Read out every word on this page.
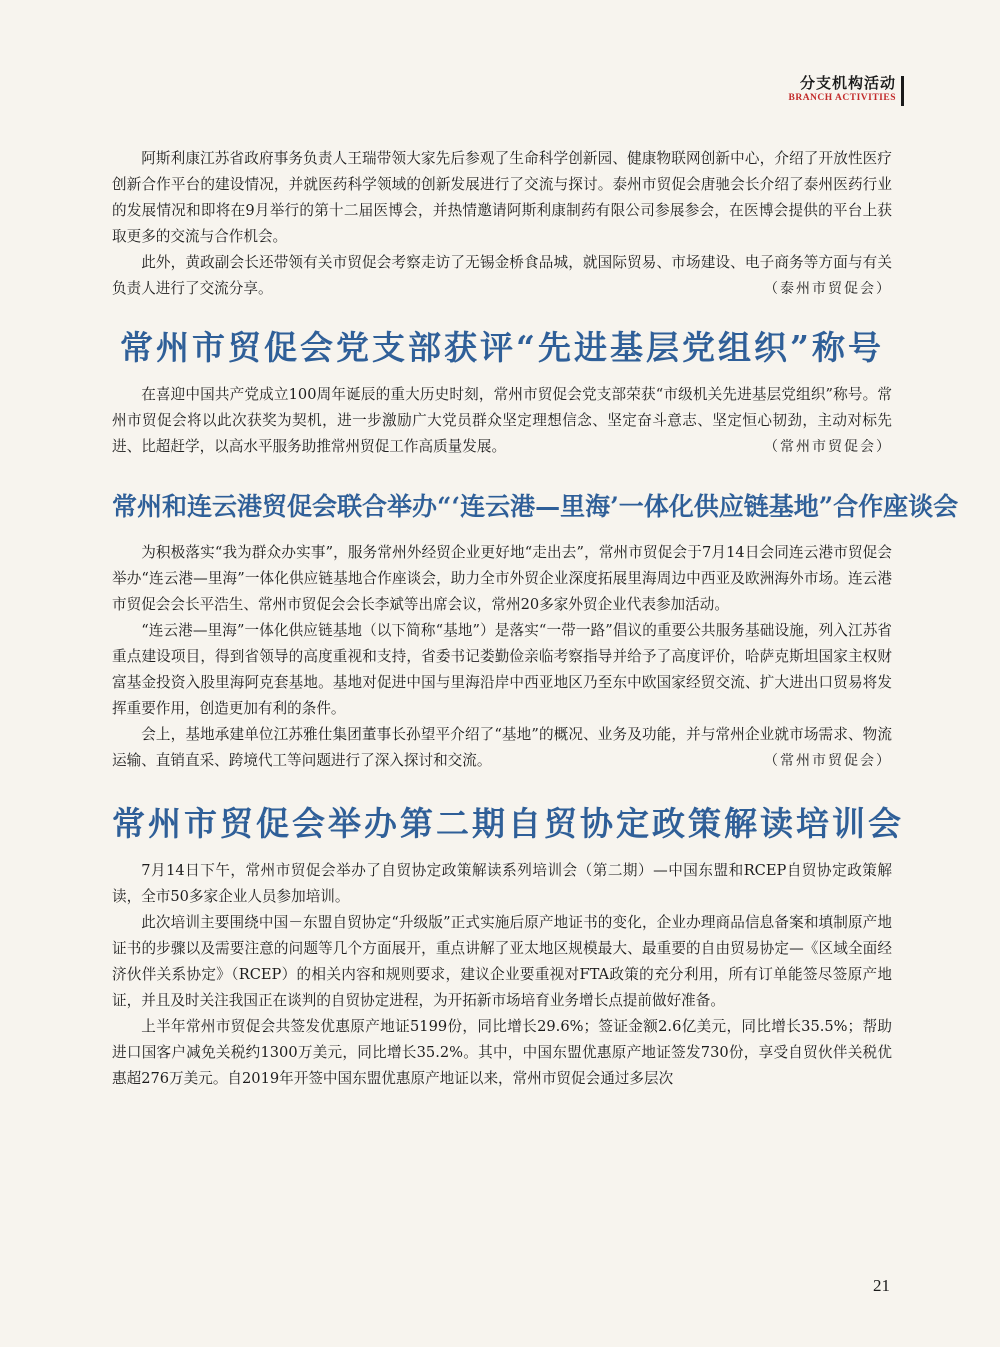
分支机构活动
BRANCH ACTIVITIES

阿斯利康江苏省政府事务负责人王瑞带领大家先后参观了生命科学创新园、健康物联网创新中心，介绍了开放性医疗创新合作平台的建设情况，并就医药科学领域的创新发展进行了交流与探讨。泰州市贸促会唐驰会长介绍了泰州医药行业的发展情况和即将在9月举行的第十二届医博会，并热情邀请阿斯利康制药有限公司参展参会，在医博会提供的平台上获取更多的交流与合作机会。

此外，黄政副会长还带领有关市贸促会考察走访了无锡金桥食品城，就国际贸易、市场建设、电子商务等方面与有关负责人进行了交流分享。	（泰州市贸促会）

常州市贸促会党支部获评“先进基层党组织”称号

在喜迎中国共产党成立100周年诞辰的重大历史时刻，常州市贸促会党支部荣获“市级机关先进基层党组织”称号。常州市贸促会将以此次获奖为契机，进一步激励广大党员群众坚定理想信念、坚定奋斗意志、坚定恒心韧劲，主动对标先进、比超赶学，以高水平服务助推常州贸促工作高质量发展。	（常州市贸促会）

常州和连云港贸促会联合举办“‘连云港—里海’一体化供应链基地”合作座谈会

为积极落实“我为群众办实事”，服务常州外经贸企业更好地“走出去”，常州市贸促会于7月14日会同连云港市贸促会举办“连云港—里海”一体化供应链基地合作座谈会，助力全市外贸企业深度拓展里海周边中西亚及欧洲海外市场。连云港市贸促会会长平浩生、常州市贸促会会长李斌等出席会议，常州20多家外贸企业代表参加活动。

“连云港—里海”一体化供应链基地（以下简称“基地”）是落实“一带一路”倡议的重要公共服务基础设施，列入江苏省重点建设项目，得到省领导的高度重视和支持，省委书记娄勤俭亲临考察指导并给予了高度评价，哈萨克斯坦国家主权财富基金投资入股里海阿克套基地。基地对促进中国与里海沿岸中西亚地区乃至东中欧国家经贸交流、扩大进出口贸易将发挥重要作用，创造更加有利的条件。

会上，基地承建单位江苏雅仕集团董事长孙望平介绍了“基地”的概况、业务及功能，并与常州企业就市场需求、物流运输、直销直采、跨境代工等问题进行了深入探讨和交流。	（常州市贸促会）

常州市贸促会举办第二期自贸协定政策解读培训会

7月14日下午，常州市贸促会举办了自贸协定政策解读系列培训会（第二期）—中国东盟和RCEP自贸协定政策解读，全市50多家企业人员参加培训。

此次培训主要围绕中国－东盟自贸协定“升级版”正式实施后原产地证书的变化，企业办理商品信息备案和填制原产地证书的步骤以及需要注意的问题等几个方面展开，重点讲解了亚太地区规模最大、最重要的自由贸易协定—《区域全面经济伙伴关系协定》（RCEP）的相关内容和规则要求，建议企业要重视对FTA政策的充分利用，所有订单能签尽签原产地证，并且及时关注我国正在谈判的自贸协定进程，为开拓新市场培育业务增长点提前做好准备。

上半年常州市贸促会共签发优惠原产地证5199份，同比增长29.6%；签证金额2.6亿美元，同比增长35.5%；帮助进口国客户减免关税约1300万美元，同比增长35.2%。其中，中国东盟优惠原产地证签发730份，享受自贸伙伴关税优惠超276万美元。自2019年开签中国东盟优惠原产地证以来，常州市贸促会通过多层次

21
